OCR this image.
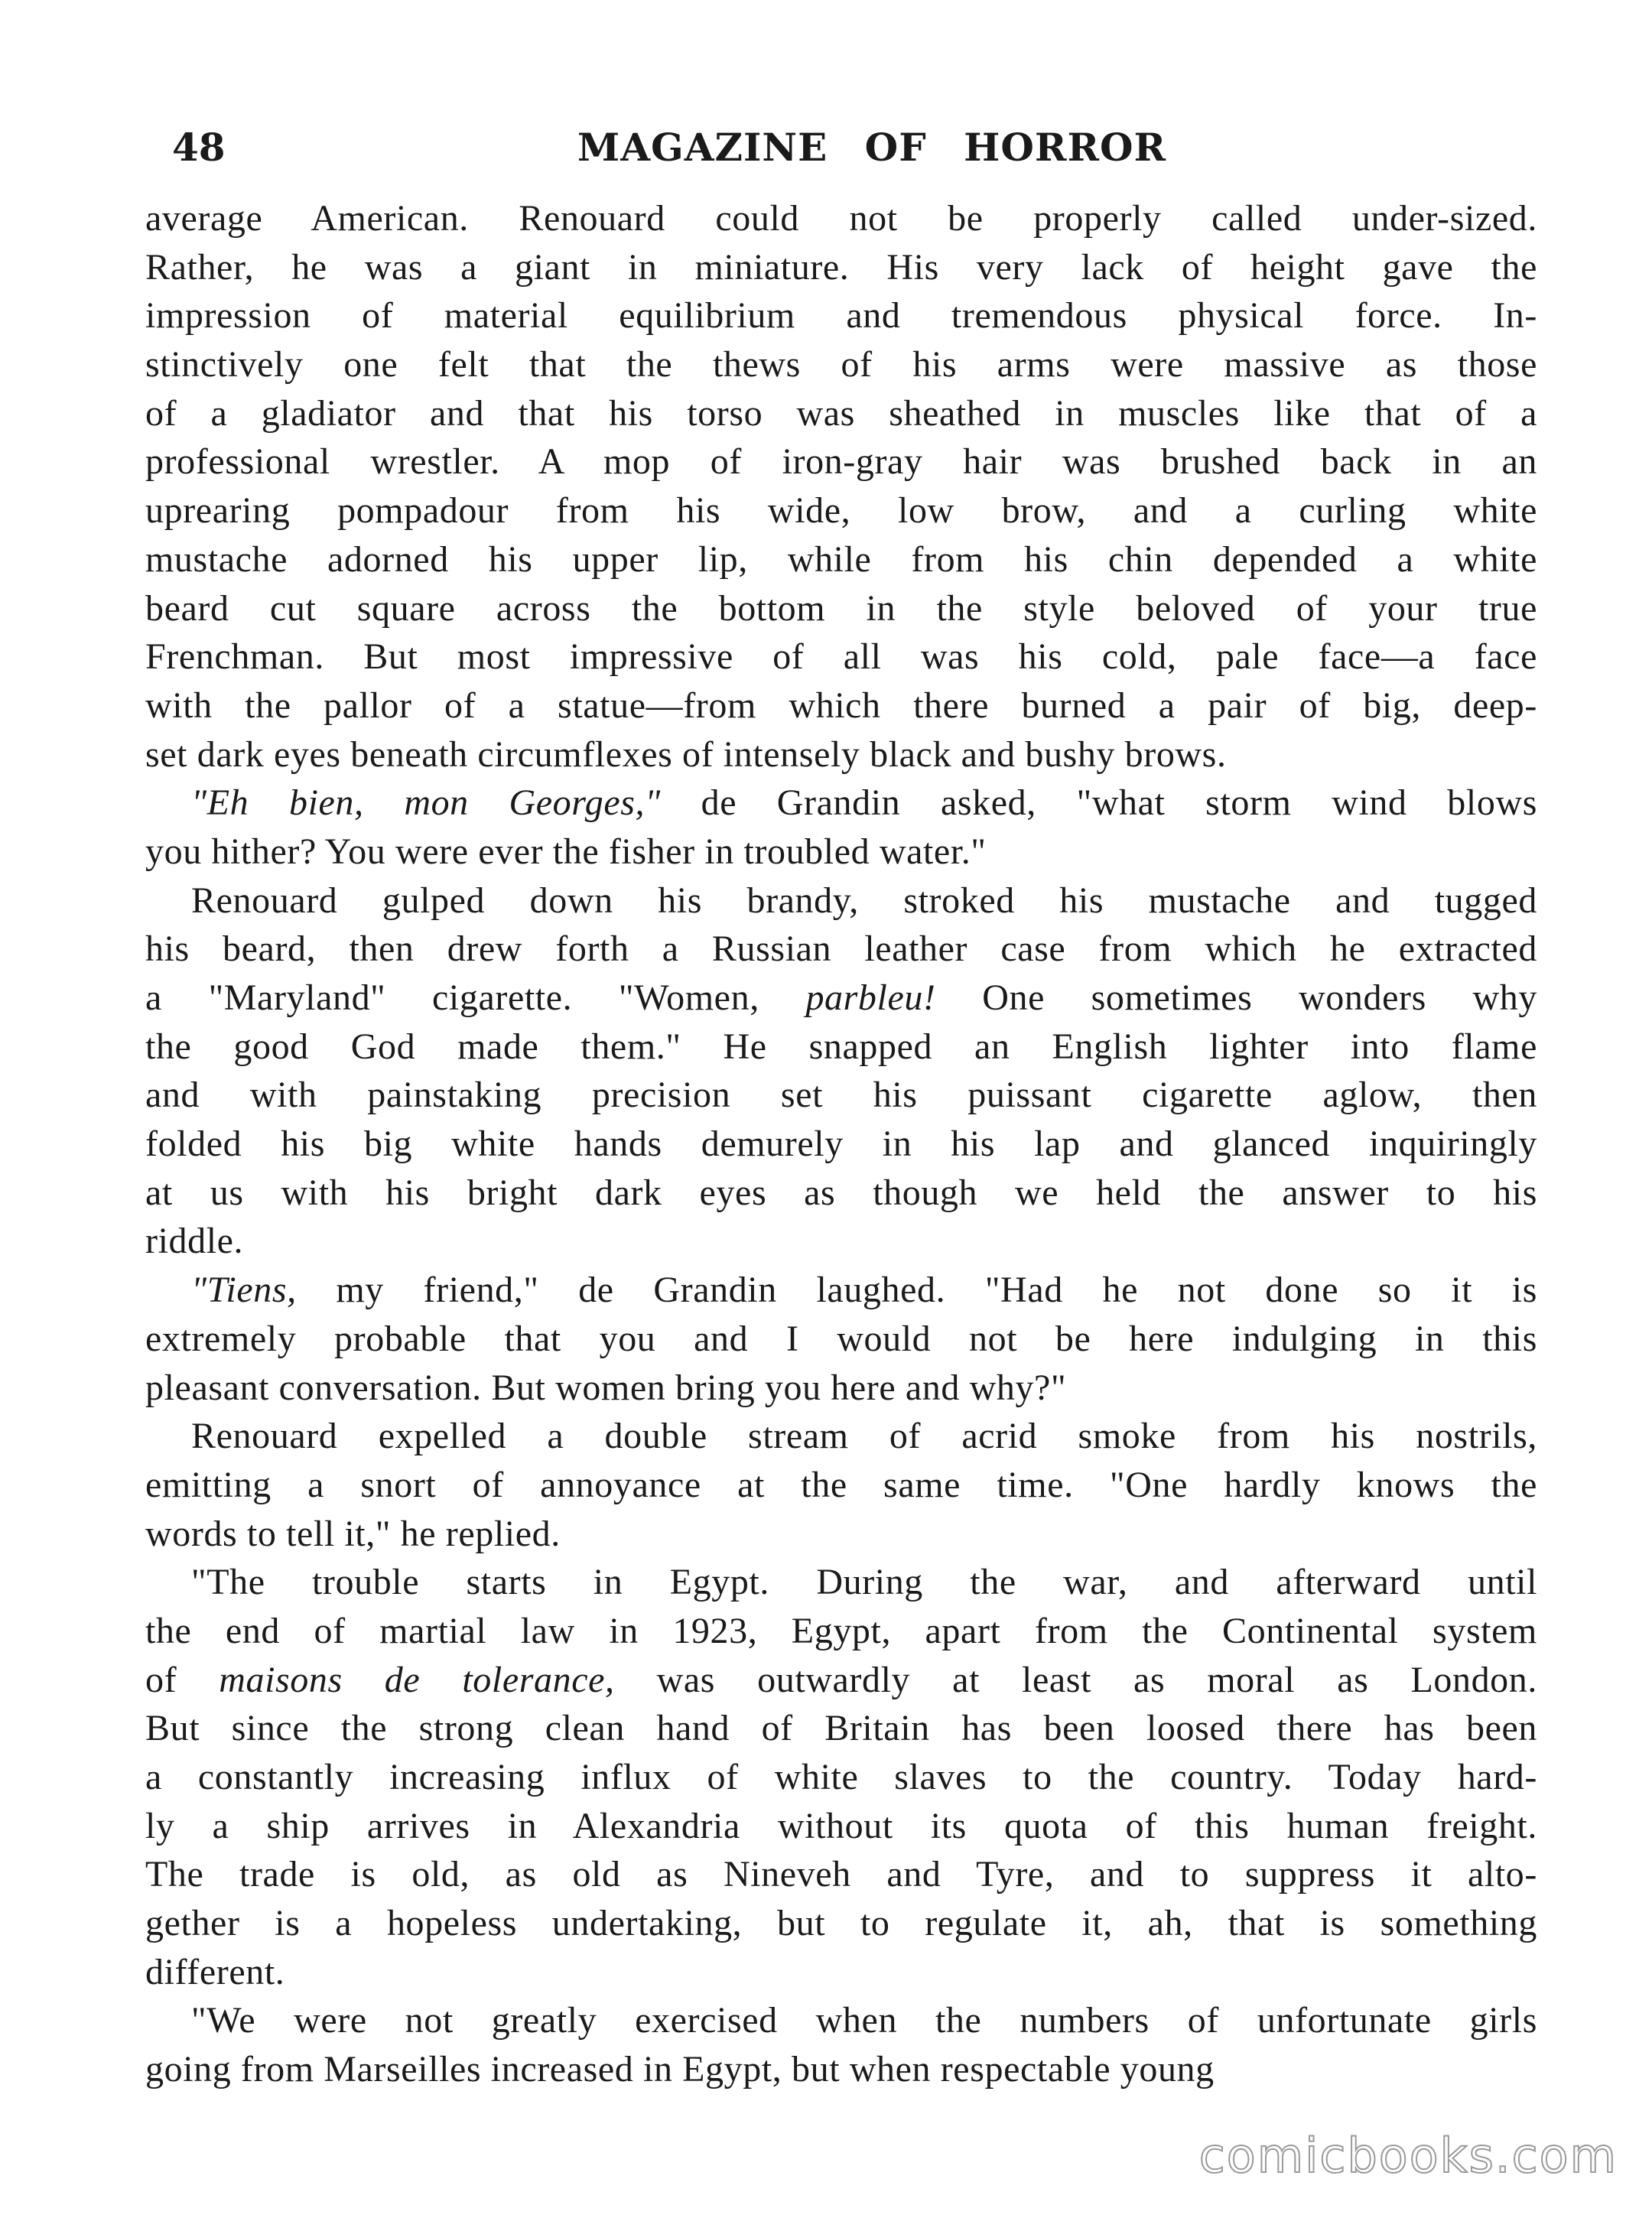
48	MAGAZINE OF HORROR
average American. Renouard could not be properly called under-sized.
Rather, he was a giant in miniature. His very lack of height gave the
impression of material equilibrium and tremendous physical force. In-
stinctively one felt that the thews of his arms were massive as those
of a gladiator and that his torso was sheathed in muscles like that of a
professional wrestler. A mop of iron-gray hair was brushed back in an
uprearing pompadour from his wide, low brow, and a curling white
mustache adorned his upper lip, while from his chin depended a white
beard cut square across the bottom in the style beloved of your true
Frenchman. But most impressive of all was his cold, pale face—a face
with the pallor of a statue—from which there burned a pair of big, deep-
set dark eyes beneath circumflexes of intensely black and bushy brows.
"Eh bien, mon Georges," de Grandin asked, "what storm wind blows
you hither? You were ever the fisher in troubled water."
Renouard gulped down his brandy, stroked his mustache and tugged
his beard, then drew forth a Russian leather case from which he extracted
a "Maryland" cigarette. "Women, parbleu! One sometimes wonders why
the good God made them." He snapped an English lighter into flame
and with painstaking precision set his puissant cigarette aglow, then
folded his big white hands demurely in his lap and glanced inquiringly
at us with his bright dark eyes as though we held the answer to his
riddle.
"Tiens, my friend," de Grandin laughed. "Had he not done so it is
extremely probable that you and I would not be here indulging in this
pleasant conversation. But women bring you here and why?"
Renouard expelled a double stream of acrid smoke from his nostrils,
emitting a snort of annoyance at the same time. "One hardly knows the
words to tell it," he replied.
"The trouble starts in Egypt. During the war, and afterward until
the end of martial law in 1923, Egypt, apart from the Continental system
of maisons de tolerance, was outwardly at least as moral as London.
But since the strong clean hand of Britain has been loosed there has been
a constantly increasing influx of white slaves to the country. Today hard-
ly a ship arrives in Alexandria without its quota of this human freight.
The trade is old, as old as Nineveh and Tyre, and to suppress it alto-
gether is a hopeless undertaking, but to regulate it, ah, that is something
different.
"We were not greatly exercised when the numbers of unfortunate girls
going from Marseilles increased in Egypt, but when respectable young
comicbooks.com
